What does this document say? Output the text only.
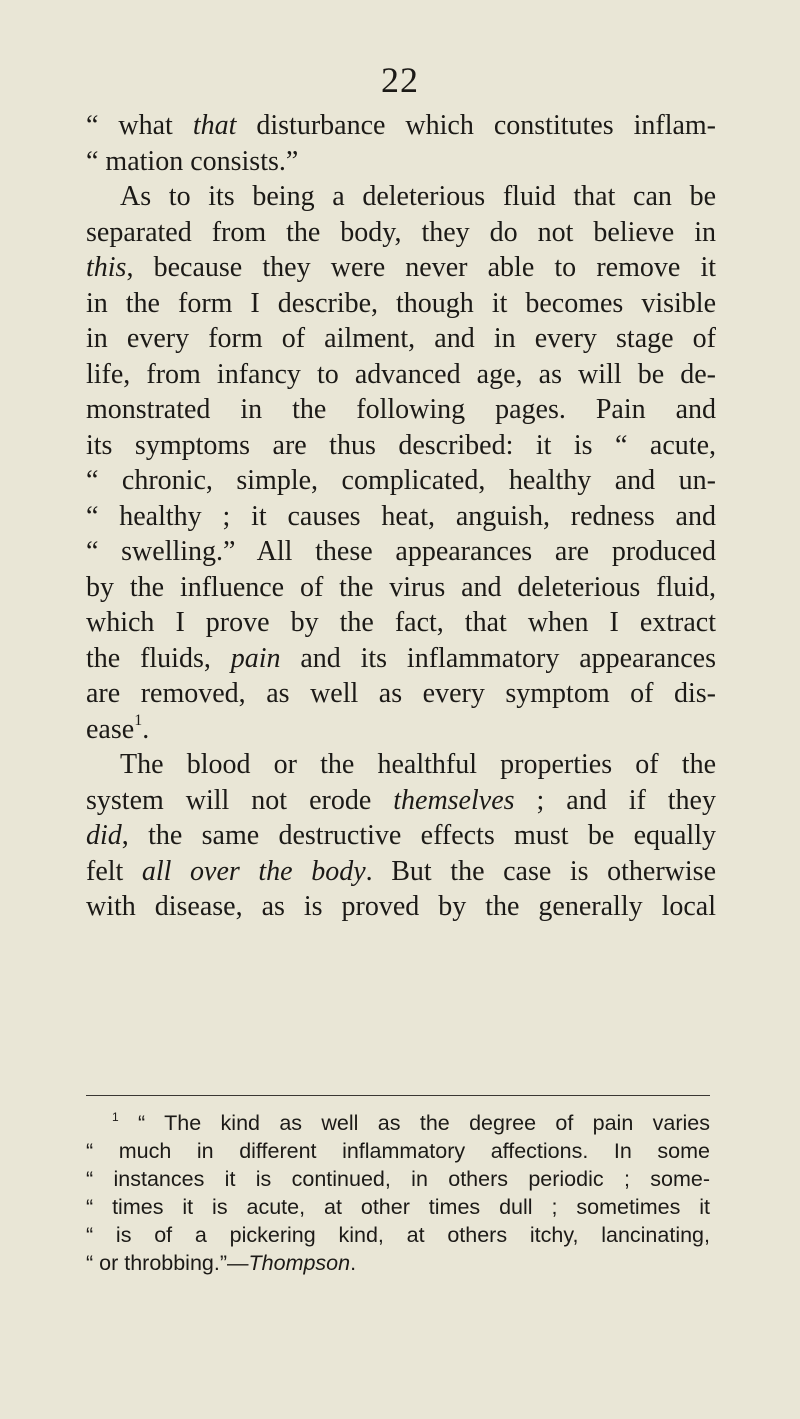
22
“ what that disturbance which constitutes inflam-
“ mation consists.”
As to its being a deleterious fluid that can be
separated from the body, they do not believe in
this, because they were never able to remove it
in the form I describe, though it becomes visible
in every form of ailment, and in every stage of
life, from infancy to advanced age, as will be de-
monstrated in the following pages. Pain and
its symptoms are thus described: it is “ acute,
“ chronic, simple, complicated, healthy and un-
“ healthy ; it causes heat, anguish, redness and
“ swelling.” All these appearances are produced
by the influence of the virus and deleterious fluid,
which I prove by the fact, that when I extract
the fluids, pain and its inflammatory appearances
are removed, as well as every symptom of dis-
ease$^1$.
The blood or the healthful properties of the
system will not erode themselves ; and if they
did, the same destructive effects must be equally
felt all over the body. But the case is otherwise
with disease, as is proved by the generally local
$^1$ “ The kind as well as the degree of pain varies
“ much in different inflammatory affections. In some
“ instances it is continued, in others periodic ; some-
“ times it is acute, at other times dull ; sometimes it
“ is of a pickering kind, at others itchy, lancinating,
“ or throbbing.”—Thompson.
